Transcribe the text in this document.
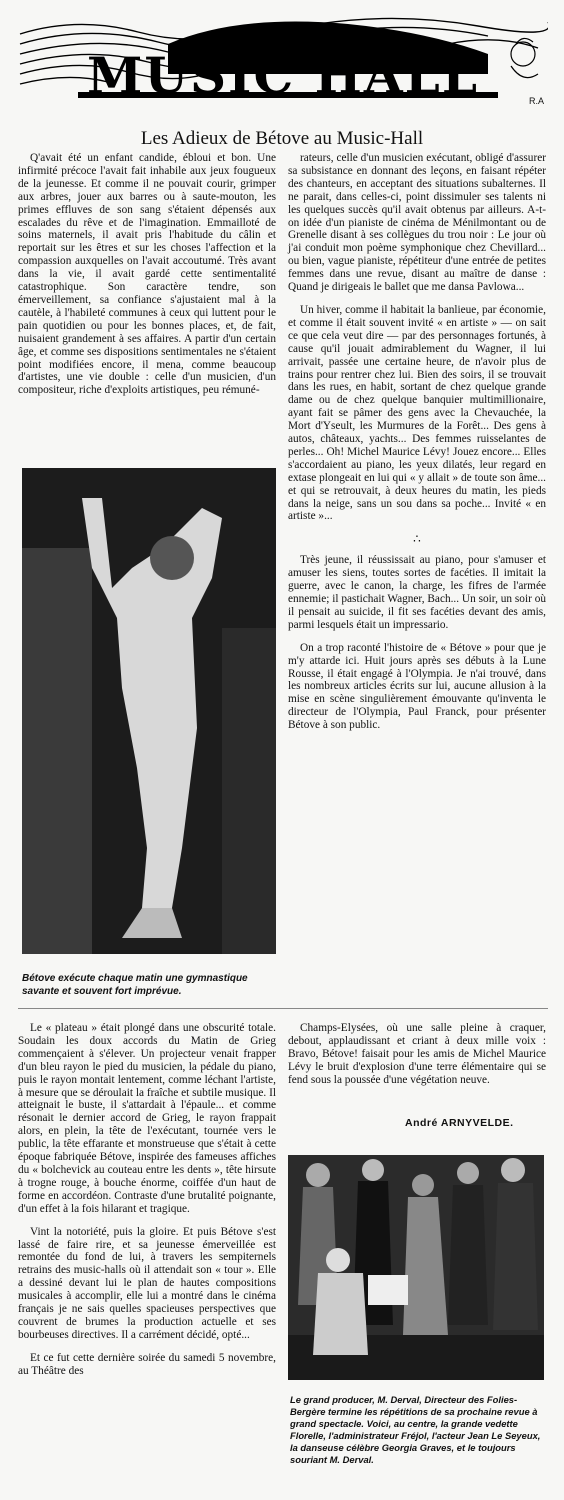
MUSIC HALL	R.A
Les Adieux de Bétove au Music-Hall

Q'avait été un enfant candide, ébloui et bon. Une infirmité précoce l'avait fait inhabile aux jeux fougueux de la jeunesse. Et comme il ne pouvait courir, grimper aux arbres, jouer aux barres ou à saute-mouton, les primes effluves de son sang s'étaient dépensés aux escalades du rêve et de l'imagination. Emmailloté de soins maternels, il avait pris l'habitude du câlin et reportait sur les êtres et sur les choses l'affection et la compassion auxquelles on l'avait accoutumé. Très avant dans la vie, il avait gardé cette sentimentalité catastrophique. Son caractère tendre, son émerveillement, sa confiance s'ajustaient mal à la cautèle, à l'habileté communes à ceux qui luttent pour le pain quotidien ou pour les bonnes places, et, de fait, nuisaient grandement à ses affaires. A partir d'un certain âge, et comme ses dispositions sentimentales ne s'étaient point modifiées encore, il mena, comme beaucoup d'artistes, une vie double : celle d'un musicien, d'un compositeur, riche d'exploits artistiques, peu rémuné-

rateurs, celle d'un musicien exécutant, obligé d'assurer sa subsistance en donnant des leçons, en faisant répéter des chanteurs, en acceptant des situations subalternes. Il ne parait, dans celles-ci, point dissimuler ses talents ni les quelques succès qu'il avait obtenus par ailleurs. A-t-on idée d'un pianiste de cinéma de Ménilmontant ou de Grenelle disant à ses collègues du trou noir : Le jour où j'ai conduit mon poème symphonique chez Chevillard... ou bien, vague pianiste, répétiteur d'une entrée de petites femmes dans une revue, disant au maître de danse : Quand je dirigeais le ballet que me dansa Pavlowa...

Un hiver, comme il habitait la banlieue, par économie, et comme il était souvent invité « en artiste » — on sait ce que cela veut dire — par des personnages fortunés, à cause qu'il jouait admirablement du Wagner, il lui arrivait, passée une certaine heure, de n'avoir plus de trains pour rentrer chez lui. Bien des soirs, il se trouvait dans les rues, en habit, sortant de chez quelque grande dame ou de chez quelque banquier multimillionaire, ayant fait se pâmer des gens avec la Chevauchée, la Mort d'Yseult, les Murmures de la Forêt... Des gens à autos, châteaux, yachts... Des femmes ruisselantes de perles... Oh! Michel Maurice Lévy! Jouez encore... Elles s'accordaient au piano, les yeux dilatés, leur regard en extase plongeait en lui qui « y allait » de toute son âme... et qui se retrouvait, à deux heures du matin, les pieds dans la neige, sans un sou dans sa poche... Invité « en artiste »...

∴

Très jeune, il réussissait au piano, pour s'amuser et amuser les siens, toutes sortes de facéties. Il imitait la guerre, avec le canon, la charge, les fifres de l'armée ennemie; il pastichait Wagner, Bach... Un soir, un soir où il pensait au suicide, il fit ses facéties devant des amis, parmi lesquels était un impressario.

On a trop raconté l'histoire de « Bétove » pour que je m'y attarde ici. Huit jours après ses débuts à la Lune Rousse, il était engagé à l'Olympia. Je n'ai trouvé, dans les nombreux articles écrits sur lui, aucune allusion à la mise en scène singulièrement émouvante qu'inventa le directeur de l'Olympia, Paul Franck, pour présenter Bétove à son public.

Bétove exécute chaque matin une gymnastique savante et souvent fort imprévue.

Le « plateau » était plongé dans une obscurité totale. Soudain les doux accords du Matin de Grieg commençaient à s'élever. Un projecteur venait frapper d'un bleu rayon le pied du musicien, la pédale du piano, puis le rayon montait lentement, comme léchant l'artiste, à mesure que se déroulait la fraîche et subtile musique. Il atteignait le buste, il s'attardait à l'épaule... et comme résonait le dernier accord de Grieg, le rayon frappait alors, en plein, la tête de l'exécutant, tournée vers le public, la tête effarante et monstrueuse que s'était à cette époque fabriquée Bétove, inspirée des fameuses affiches du « bolchevick au couteau entre les dents », tête hirsute à trogne rouge, à bouche énorme, coiffée d'un haut de forme en accordéon. Contraste d'une brutalité poignante, d'un effet à la fois hilarant et tragique.

Vint la notoriété, puis la gloire. Et puis Bétove s'est lassé de faire rire, et sa jeunesse émerveillée est remontée du fond de lui, à travers les sempiternels retrains des music-halls où il attendait son « tour ». Elle a dessiné devant lui le plan de hautes compositions musicales à accomplir, elle lui a montré dans le cinéma français je ne sais quelles spacieuses perspectives que couvrent de brumes la production actuelle et ses bourbeuses directives. Il a carrément décidé, opté...

Et ce fut cette dernière soirée du samedi 5 novembre, au Théâtre des

Champs-Elysées, où une salle pleine à craquer, debout, applaudissant et criant à deux mille voix : Bravo, Bétove! faisait pour les amis de Michel Maurice Lévy le bruit d'explosion d'une terre élémentaire qui se fend sous la poussée d'une végétation neuve.

André ARNYVELDE.
Le grand producer, M. Derval, Directeur des Folies-Bergère termine les répétitions de sa prochaine revue à grand spectacle. Voici, au centre, la grande vedette Florelle, l'administrateur Fréjol, l'acteur Jean Le Seyeux, la danseuse célèbre Georgia Graves, et le toujours souriant M. Derval.
